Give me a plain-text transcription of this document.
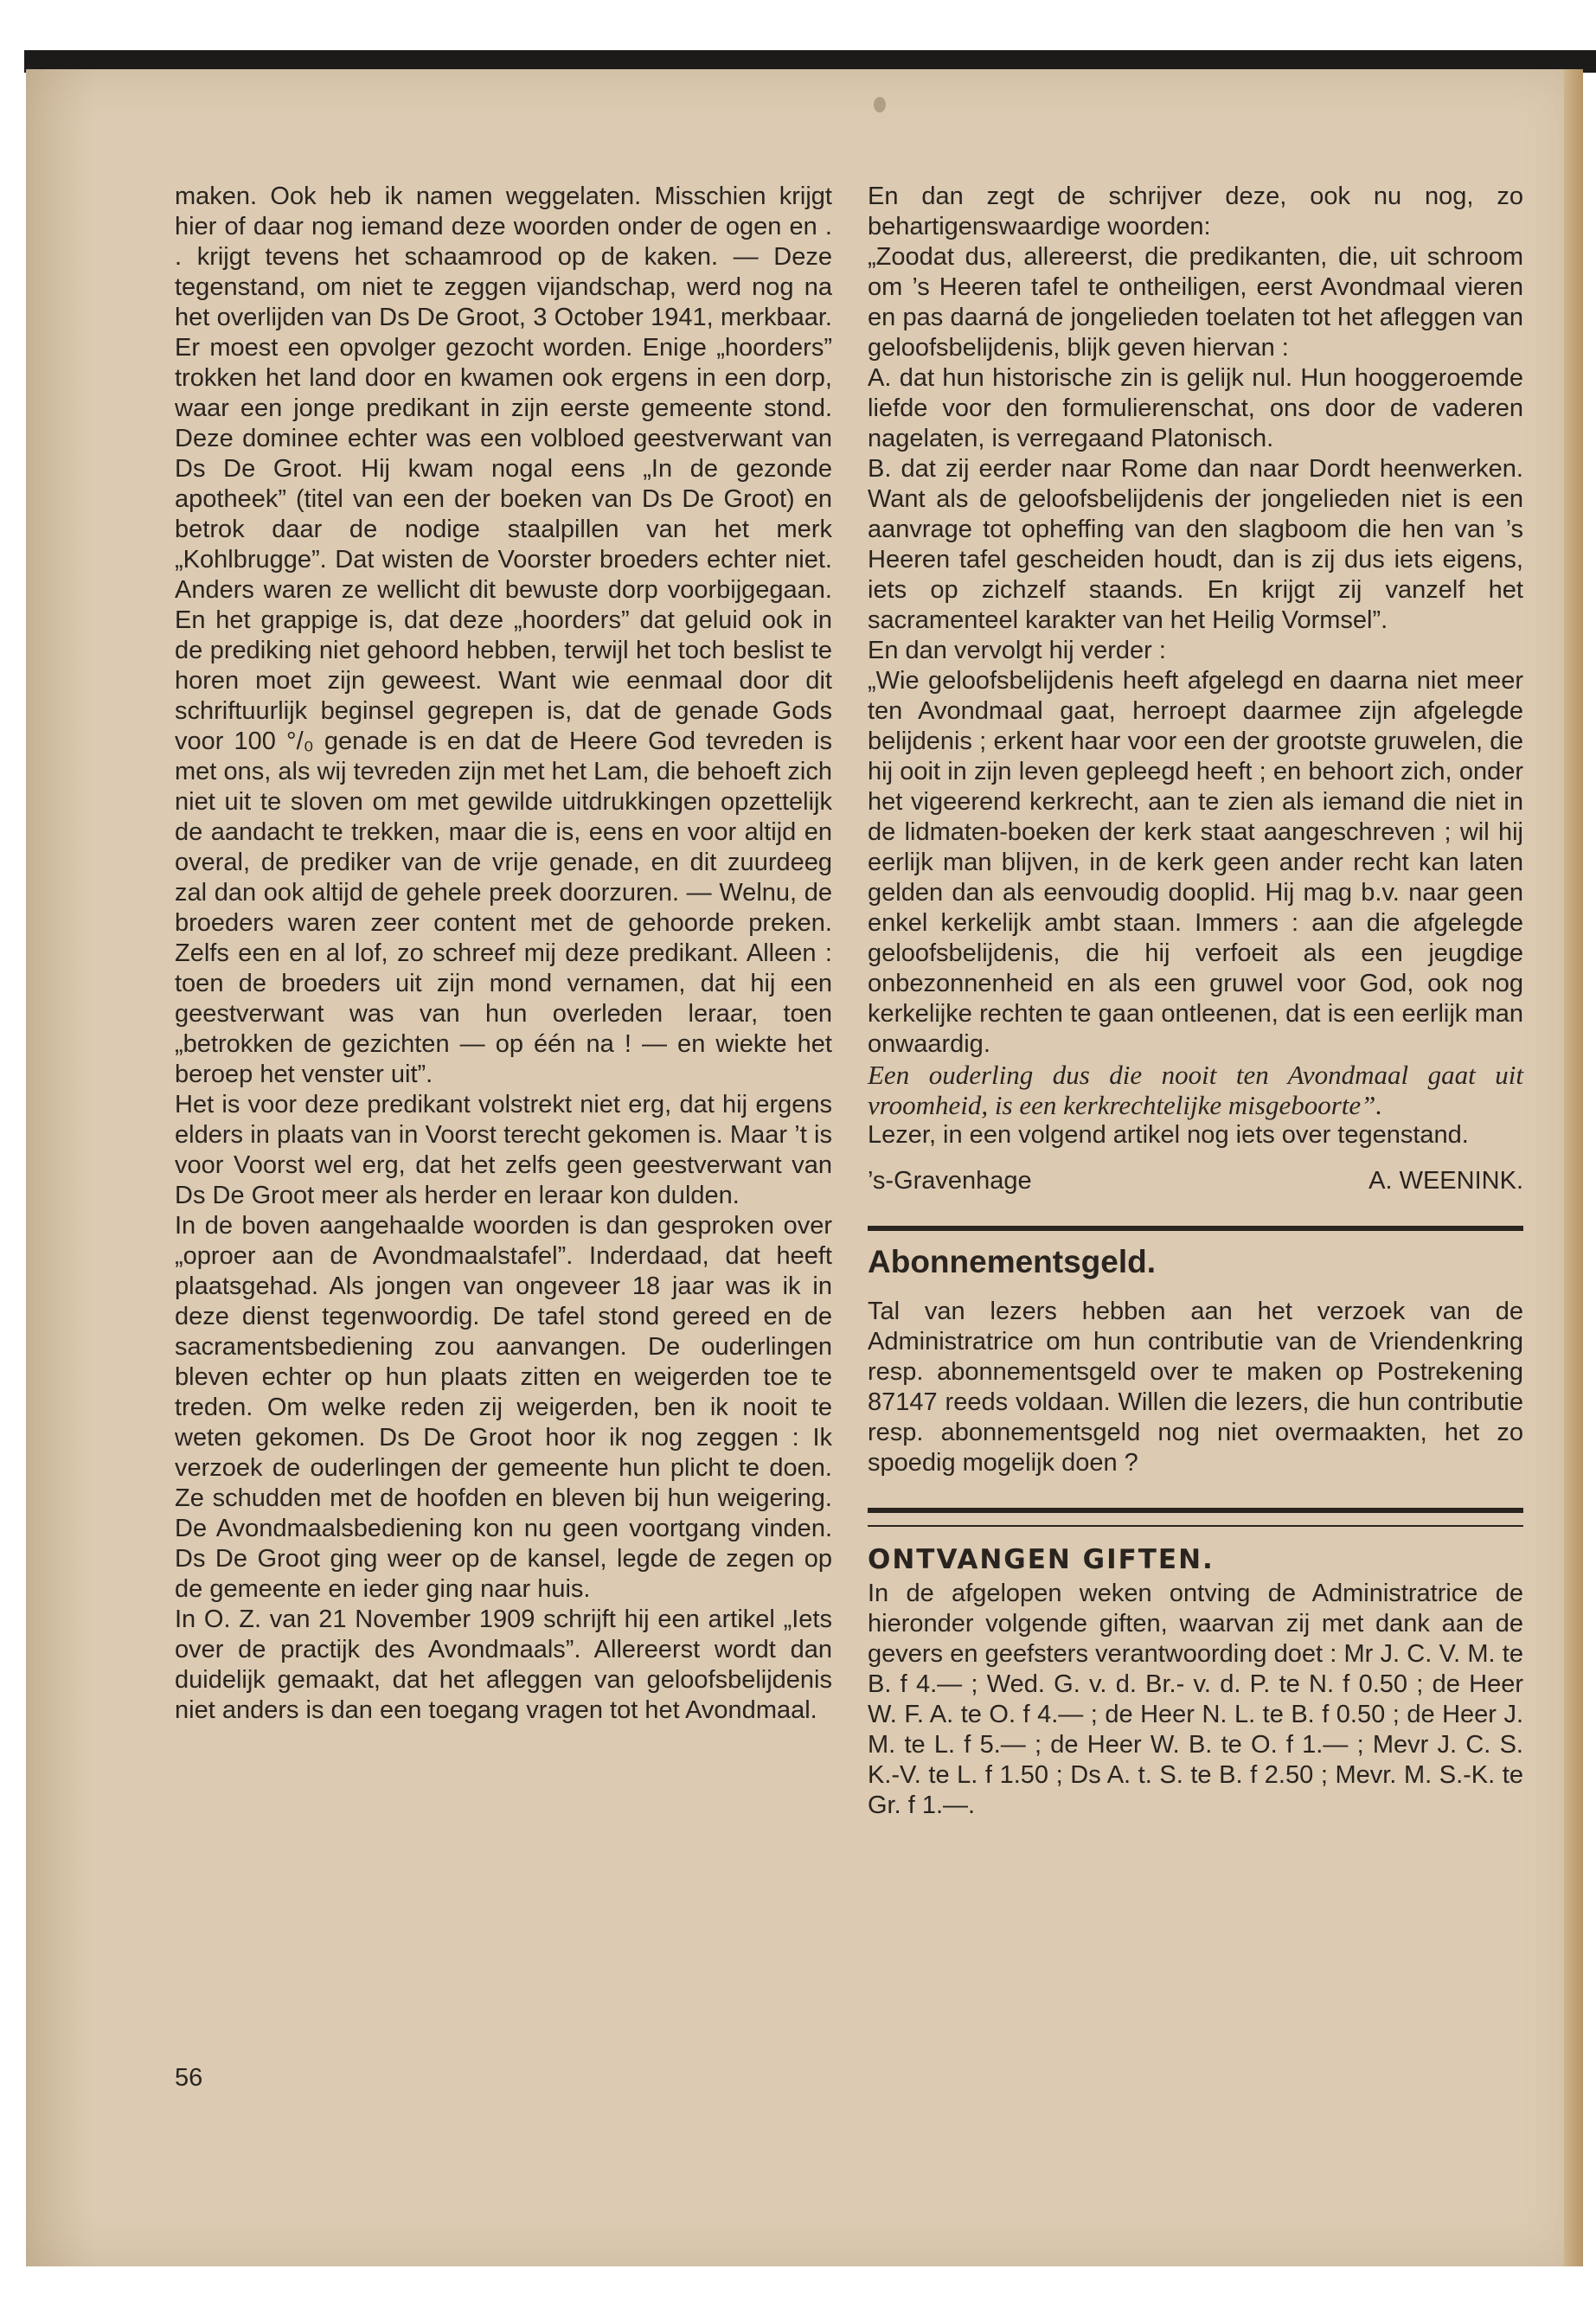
maken. Ook heb ik namen weggelaten. Misschien krijgt hier of daar nog iemand deze woorden onder de ogen en . . krijgt tevens het schaamrood op de kaken. — Deze tegenstand, om niet te zeggen vijandschap, werd nog na het overlijden van Ds De Groot, 3 October 1941, merkbaar. Er moest een opvolger gezocht worden. Enige „hoorders” trokken het land door en kwamen ook ergens in een dorp, waar een jonge predikant in zijn eerste gemeente stond. Deze dominee echter was een volbloed geestverwant van Ds De Groot. Hij kwam nogal eens „In de gezonde apotheek” (titel van een der boeken van Ds De Groot) en betrok daar de nodige staalpillen van het merk „Kohlbrugge”. Dat wisten de Voorster broeders echter niet. Anders waren ze wellicht dit bewuste dorp voorbijgegaan. En het grappige is, dat deze „hoorders” dat geluid ook in de prediking niet gehoord hebben, terwijl het toch beslist te horen moet zijn geweest. Want wie eenmaal door dit schriftuurlijk beginsel gegrepen is, dat de genade Gods voor 100 °/₀ genade is en dat de Heere God tevreden is met ons, als wij tevreden zijn met het Lam, die behoeft zich niet uit te sloven om met gewilde uitdrukkingen opzettelijk de aandacht te trekken, maar die is, eens en voor altijd en overal, de prediker van de vrije genade, en dit zuurdeeg zal dan ook altijd de gehele preek doorzuren. — Welnu, de broeders waren zeer content met de gehoorde preken. Zelfs een en al lof, zo schreef mij deze predikant. Alleen : toen de broeders uit zijn mond vernamen, dat hij een geestverwant was van hun overleden leraar, toen „betrokken de gezichten — op één na ! — en wiekte het beroep het venster uit”.

Het is voor deze predikant volstrekt niet erg, dat hij ergens elders in plaats van in Voorst terecht gekomen is. Maar ’t is voor Voorst wel erg, dat het zelfs geen geestverwant van Ds De Groot meer als herder en leraar kon dulden.

In de boven aangehaalde woorden is dan gesproken over „oproer aan de Avondmaalstafel”. Inderdaad, dat heeft plaatsgehad. Als jongen van ongeveer 18 jaar was ik in deze dienst tegenwoordig. De tafel stond gereed en de sacramentsbediening zou aanvangen. De ouderlingen bleven echter op hun plaats zitten en weigerden toe te treden. Om welke reden zij weigerden, ben ik nooit te weten gekomen. Ds De Groot hoor ik nog zeggen : Ik verzoek de ouderlingen der gemeente hun plicht te doen. Ze schudden met de hoofden en bleven bij hun weigering. De Avondmaalsbediening kon nu geen voortgang vinden. Ds De Groot ging weer op de kansel, legde de zegen op de gemeente en ieder ging naar huis.

In O. Z. van 21 November 1909 schrijft hij een artikel „Iets over de practijk des Avondmaals”. Allereerst wordt dan duidelijk gemaakt, dat het afleggen van geloofsbelijdenis niet anders is dan een toegang vragen tot het Avondmaal.

56

En dan zegt de schrijver deze, ook nu nog, zo behartigenswaardige woorden:

„Zoodat dus, allereerst, die predikanten, die, uit schroom om ’s Heeren tafel te ontheiligen, eerst Avondmaal vieren en pas daarná de jongelieden toelaten tot het afleggen van geloofsbelijdenis, blijk geven hiervan :

A. dat hun historische zin is gelijk nul. Hun hooggeroemde liefde voor den formulierenschat, ons door de vaderen nagelaten, is verregaand Platonisch.

B. dat zij eerder naar Rome dan naar Dordt heenwerken. Want als de geloofsbelijdenis der jongelieden niet is een aanvrage tot opheffing van den slagboom die hen van ’s Heeren tafel gescheiden houdt, dan is zij dus iets eigens, iets op zichzelf staands. En krijgt zij vanzelf het sacramenteel karakter van het Heilig Vormsel”.

En dan vervolgt hij verder :

„Wie geloofsbelijdenis heeft afgelegd en daarna niet meer ten Avondmaal gaat, herroept daarmee zijn afgelegde belijdenis ; erkent haar voor een der grootste gruwelen, die hij ooit in zijn leven gepleegd heeft ; en behoort zich, onder het vigeerend kerkrecht, aan te zien als iemand die niet in de lidmaten-boeken der kerk staat aangeschreven ; wil hij eerlijk man blijven, in de kerk geen ander recht kan laten gelden dan als eenvoudig dooplid. Hij mag b.v. naar geen enkel kerkelijk ambt staan. Immers : aan die afgelegde geloofsbelijdenis, die hij verfoeit als een jeugdige onbezonnenheid en als een gruwel voor God, ook nog kerkelijke rechten te gaan ontleenen, dat is een eerlijk man onwaardig.

Een ouderling dus die nooit ten Avondmaal gaat uit vroomheid, is een kerkrechtelijke misgeboorte”.

Lezer, in een volgend artikel nog iets over tegenstand.

’s-Gravenhage	A. WEENINK.
Abonnementsgeld.

Tal van lezers hebben aan het verzoek van de Administratrice om hun contributie van de Vriendenkring resp. abonnementsgeld over te maken op Postrekening 87147 reeds voldaan. Willen die lezers, die hun contributie resp. abonnementsgeld nog niet overmaakten, het zo spoedig mogelijk doen ?

ONTVANGEN GIFTEN.

In de afgelopen weken ontving de Administratrice de hieronder volgende giften, waarvan zij met dank aan de gevers en geefsters verantwoording doet : Mr J. C. V. M. te B. f 4.— ; Wed. G. v. d. Br.- v. d. P. te N. f 0.50 ; de Heer W. F. A. te O. f 4.— ; de Heer N. L. te B. f 0.50 ; de Heer J. M. te L. f 5.— ; de Heer W. B. te O. f 1.— ; Mevr J. C. S. K.-V. te L. f 1.50 ; Ds A. t. S. te B. f 2.50 ; Mevr. M. S.-K. te Gr. f 1.—.
